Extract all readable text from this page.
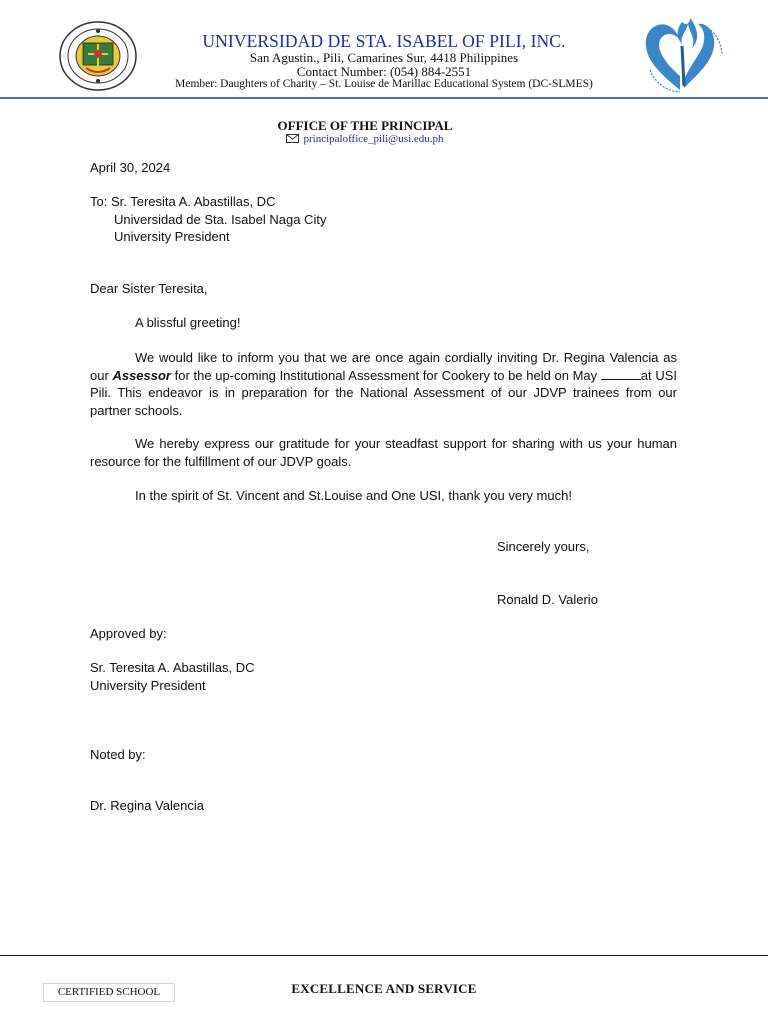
UNIVERSIDAD DE STA. ISABEL OF PILI, INC.
San Agustin., Pili, Camarines Sur, 4418 Philippines
Contact Number: (054) 884-2551
Member: Daughters of Charity – St. Louise de Marillac Educational System (DC-SLMES)
OFFICE OF THE PRINCIPAL
principaloffice_pili@usi.edu.ph
April 30, 2024
To: Sr. Teresita A. Abastillas, DC
Universidad de Sta. Isabel Naga City
University President
Dear Sister Teresita,
A blissful greeting!
We would like to inform you that we are once again cordially inviting Dr. Regina Valencia as our Assessor for the up-coming Institutional Assessment for Cookery to be held on May	at USI Pili. This endeavor is in preparation for the National Assessment of our JDVP trainees from our partner schools.
We hereby express our gratitude for your steadfast support for sharing with us your human resource for the fulfillment of our JDVP goals.
In the spirit of St. Vincent and St.Louise and One USI, thank you very much!
Sincerely yours,
Ronald D. Valerio
Approved by:
Sr. Teresita A. Abastillas, DC
University President
Noted by:
Dr. Regina Valencia
CERTIFIED SCHOOL	EXCELLENCE AND SERVICE
